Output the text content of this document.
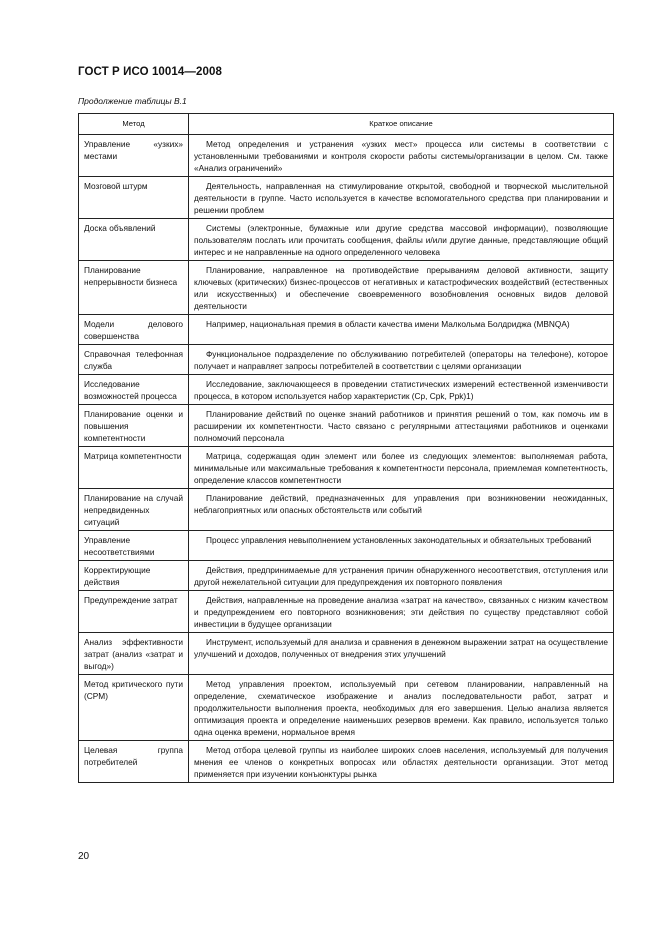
ГОСТ Р ИСО 10014—2008
Продолжение таблицы В.1
Метод	Краткое описание
Управление «узких» местами	Метод определения и устранения «узких мест» процесса или системы в соответствии с установленными требованиями и контроля скорости работы системы/организации в целом. См. также «Анализ ограничений»
Мозговой штурм	Деятельность, направленная на стимулирование открытой, свободной и творческой мыслительной деятельности в группе. Часто используется в качестве вспомогательного средства при планировании и решении проблем
Доска объявлений	Системы (электронные, бумажные или другие средства массовой информации), позволяющие пользователям послать или прочитать сообщения, файлы и/или другие данные, представляющие общий интерес и не направленные на одного определенного человека
Планирование непрерывности бизнеса	Планирование, направленное на противодействие прерываниям деловой активности, защиту ключевых (критических) бизнес-процессов от негативных и катастрофических воздействий (естественных или искусственных) и обеспечение своевременного возобновления основных видов деловой деятельности
Модели делового совершенства	Например, национальная премия в области качества имени Малкольма Болдриджа (MBNQA)
Справочная телефонная служба	Функциональное подразделение по обслуживанию потребителей (операторы на телефоне), которое получает и направляет запросы потребителей в соответствии с целями организации
Исследование возможностей процесса	Исследование, заключающееся в проведении статистических измерений естественной изменчивости процесса, в котором используется набор характеристик (Cp, Cpk, Ppk)1)
Планирование оценки и повышения компетентности	Планирование действий по оценке знаний работников и принятия решений о том, как помочь им в расширении их компетентности. Часто связано с регулярными аттестациями работников и оценками полномочий персонала
Матрица компетентности	Матрица, содержащая один элемент или более из следующих элементов: выполняемая работа, минимальные или максимальные требования к компетентности персонала, приемлемая компетентность, определение классов компетентности
Планирование на случай непредвиденных ситуаций	Планирование действий, предназначенных для управления при возникновении неожиданных, неблагоприятных или опасных обстоятельств или событий
Управление несоответствиями	Процесс управления невыполнением установленных законодательных и обязательных требований
Корректирующие действия	Действия, предпринимаемые для устранения причин обнаруженного несоответствия, отступления или другой нежелательной ситуации для предупреждения их повторного появления
Предупреждение затрат	Действия, направленные на проведение анализа «затрат на качество», связанных с низким качеством и предупреждением его повторного возникновения; эти действия по существу представляют собой инвестиции в будущее организации
Анализ эффективности затрат (анализ «затрат и выгод»)	Инструмент, используемый для анализа и сравнения в денежном выражении затрат на осуществление улучшений и доходов, полученных от внедрения этих улучшений
Метод критического пути (CPM)	Метод управления проектом, используемый при сетевом планировании, направленный на определение, схематическое изображение и анализ последовательности работ, затрат и продолжительности выполнения проекта, необходимых для его завершения. Целью анализа является оптимизация проекта и определение наименьших резервов времени. Как правило, используется только одна оценка времени, нормальное время
Целевая группа потребителей	Метод отбора целевой группы из наиболее широких слоев населения, используемый для получения мнения ее членов о конкретных вопросах или областях деятельности организации. Этот метод применяется при изучении конъюнктуры рынка
20
